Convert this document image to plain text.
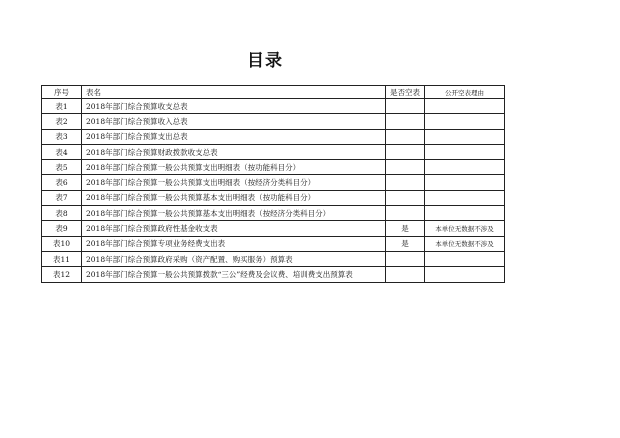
目录
序号	表名	是否空表	公开空表理由
表1	2018年部门综合预算收支总表		
表2	2018年部门综合预算收入总表		
表3	2018年部门综合预算支出总表		
表4	2018年部门综合预算财政拨款收支总表		
表5	2018年部门综合预算一般公共预算支出明细表（按功能科目分）		
表6	2018年部门综合预算一般公共预算支出明细表（按经济分类科目分）		
表7	2018年部门综合预算一般公共预算基本支出明细表（按功能科目分）		
表8	2018年部门综合预算一般公共预算基本支出明细表（按经济分类科目分）		
表9	2018年部门综合预算政府性基金收支表	是	本单位无数据不涉及
表10	2018年部门综合预算专项业务经费支出表	是	本单位无数据不涉及
表11	2018年部门综合预算政府采购（资产配置、购买服务）预算表		
表12	2018年部门综合预算一般公共预算拨款“三公”经费及会议费、培训费支出预算表		
